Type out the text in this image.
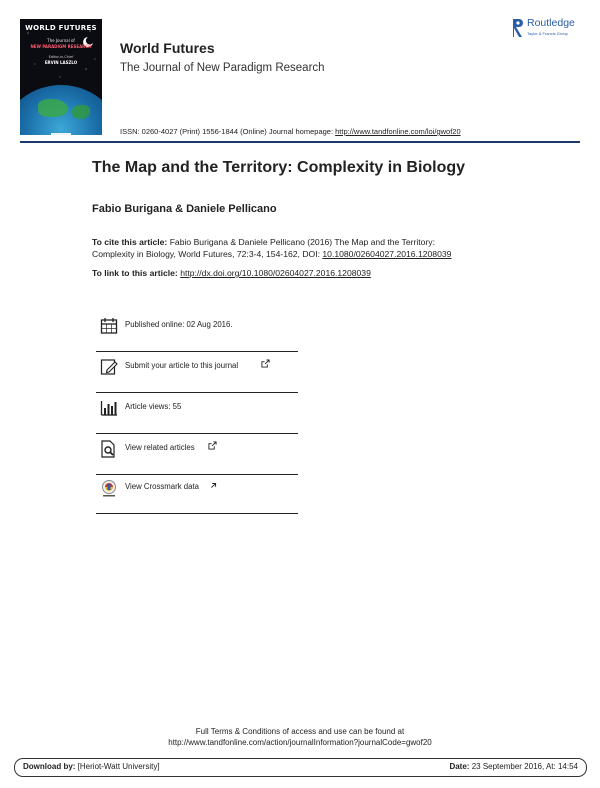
WORLD FUTURES
The Journal of
NEW PARADIGM RESEARCH
Editor-in-Chief
ERVIN LASZLO
World Futures
The Journal of New Paradigm Research
ISSN: 0260-4027 (Print) 1556-1844 (Online) Journal homepage: http://www.tandfonline.com/loi/gwof20
Routledge
Taylor & Francis Group
The Map and the Territory: Complexity in Biology
Fabio Burigana & Daniele Pellicano
To cite this article: Fabio Burigana & Daniele Pellicano (2016) The Map and the Territory:
Complexity in Biology, World Futures, 72:3-4, 154-162, DOI: 10.1080/02604027.2016.1208039
To link to this article: http://dx.doi.org/10.1080/02604027.2016.1208039
Published online: 02 Aug 2016.
Submit your article to this journal
Article views: 55
View related articles
View Crossmark data
Full Terms & Conditions of access and use can be found at
http://www.tandfonline.com/action/journalInformation?journalCode=gwof20
Download by: [Heriot-Watt University]	Date: 23 September 2016, At: 14:54
